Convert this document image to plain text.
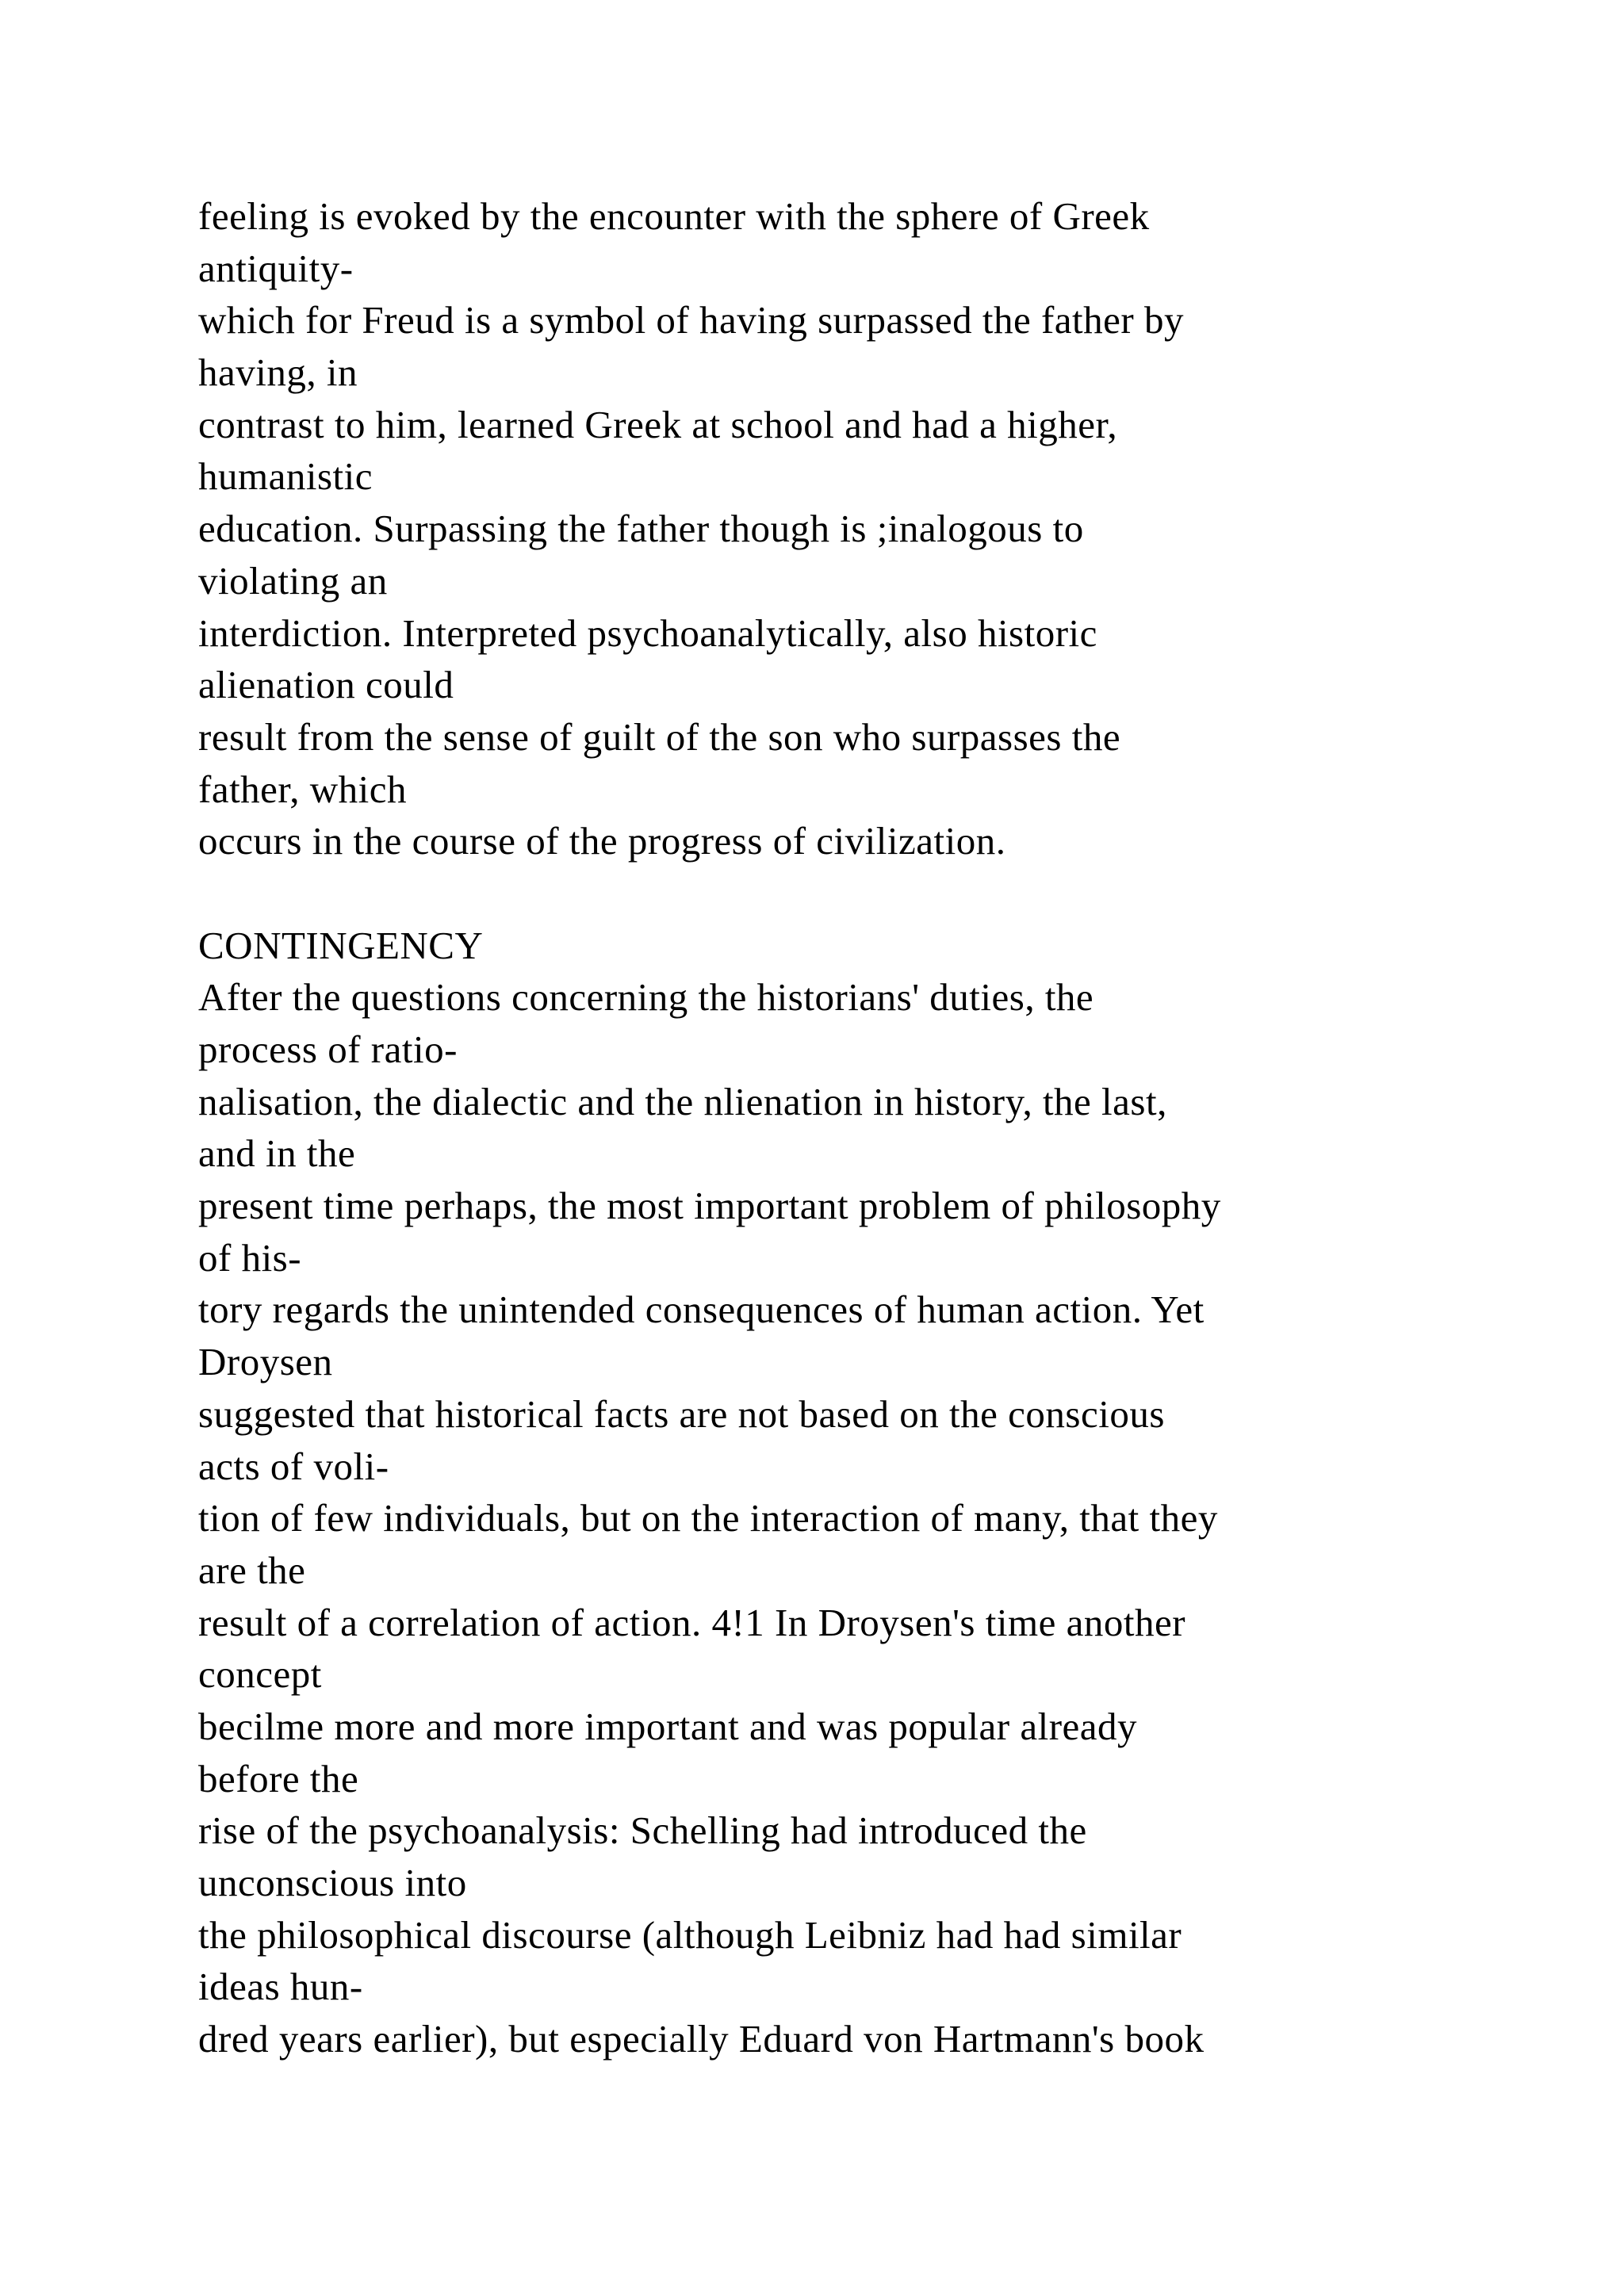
feeling is evoked by the encounter with the sphere of Greek
antiquity-
which for Freud is a symbol of having surpassed the father by
having, in
contrast to him, learned Greek at school and had a higher,
humanistic
education. Surpassing the father though is ;inalogous to
violating an
interdiction. Interpreted psychoanalytically, also historic
alienation could
result from the sense of guilt of the son who surpasses the
father, which
occurs in the course of the progress of civilization.
CONTINGENCY
After the questions concerning the historians' duties, the
process of ratio-
nalisation, the dialectic and the nlienation in history, the last,
and in the
present time perhaps, the most important problem of philosophy
of his-
tory regards the unintended consequences of human action. Yet
Droysen
suggested that historical facts are not based on the conscious
acts of voli-
tion of few individuals, but on the interaction of many, that they
are the
result of a correlation of action. 4!1 In Droysen's time another
concept
becilme more and more important and was popular already
before the
rise of the psychoanalysis: Schelling had introduced the
unconscious into
the philosophical discourse (although Leibniz had had similar
ideas hun-
dred years earlier), but especially Eduard von Hartmann's book
